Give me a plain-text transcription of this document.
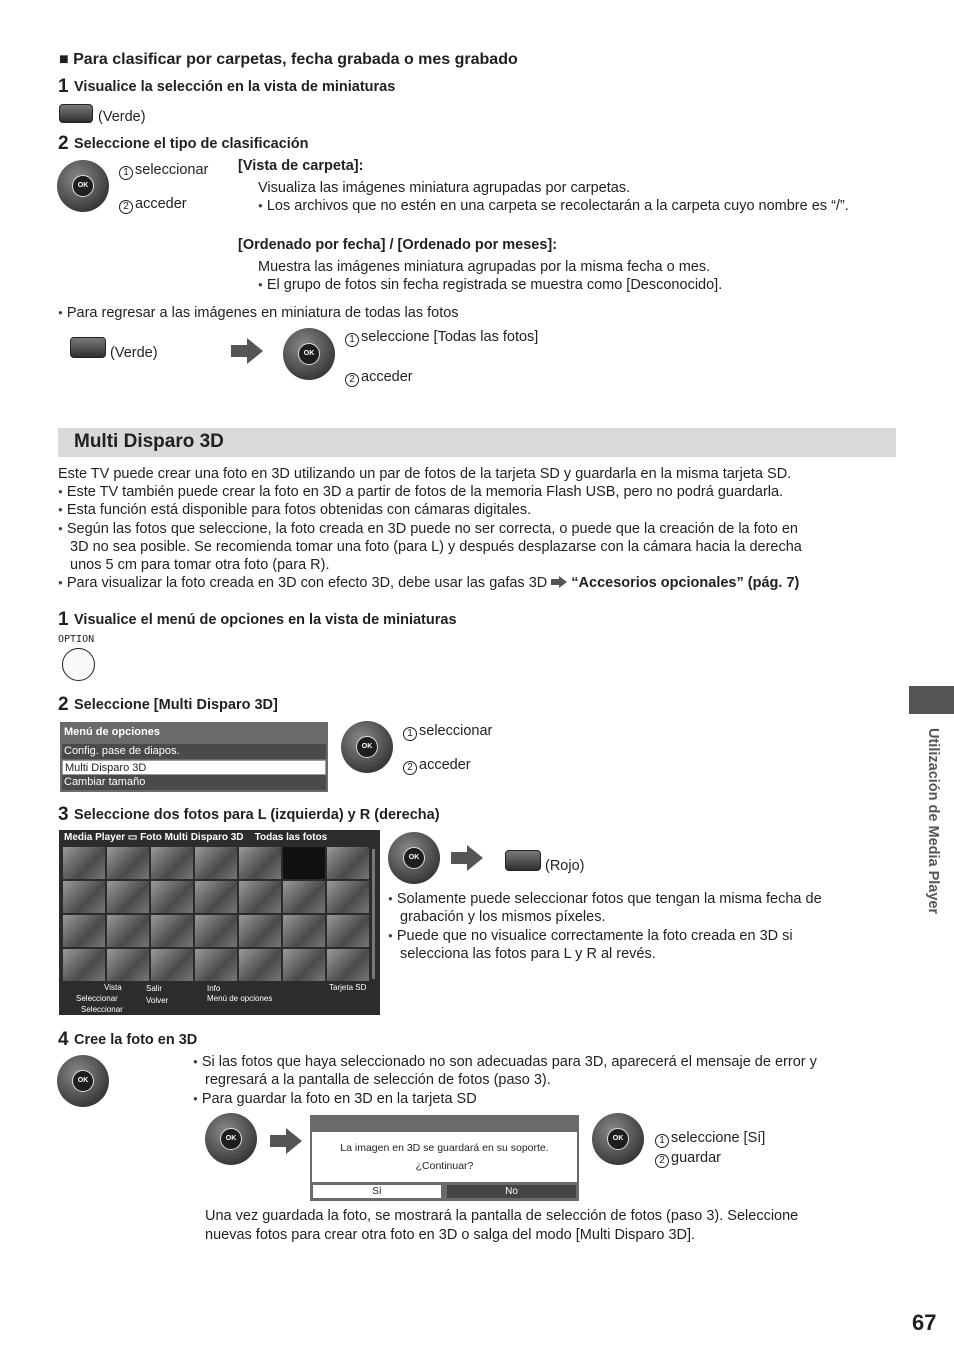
■ Para clasificar por carpetas, fecha grabada o mes grabado
1 Visualice la selección en la vista de miniaturas
(Verde)
2 Seleccione el tipo de clasificación
OK
1 seleccionar
2 acceder
[Vista de carpeta]:
Visualiza las imágenes miniatura agrupadas por carpetas.
● Los archivos que no estén en una carpeta se recolectarán a la carpeta cuyo nombre es “/”.
[Ordenado por fecha] / [Ordenado por meses]:
Muestra las imágenes miniatura agrupadas por la misma fecha o mes.
● El grupo de fotos sin fecha registrada se muestra como [Desconocido].
● Para regresar a las imágenes en miniatura de todas las fotos
(Verde)	OK
1 seleccione [Todas las fotos]
2 acceder
Multi Disparo 3D
Este TV puede crear una foto en 3D utilizando un par de fotos de la tarjeta SD y guardarla en la misma tarjeta SD.
● Este TV también puede crear la foto en 3D a partir de fotos de la memoria Flash USB, pero no podrá guardarla.
● Esta función está disponible para fotos obtenidas con cámaras digitales.
● Según las fotos que seleccione, la foto creada en 3D puede no ser correcta, o puede que la creación de la foto en
3D no sea posible. Se recomienda tomar una foto (para L) y después desplazarse con la cámara hacia la derecha
unos 5 cm para tomar otra foto (para R).
● Para visualizar la foto creada en 3D con efecto 3D, debe usar las gafas 3D “Accesorios opcionales” (pág. 7)
1 Visualice el menú de opciones en la vista de miniaturas
OPTION
2 Seleccione [Multi Disparo 3D]
Menú de opciones
Config. pase de diapos.
Multi Disparo 3D
Cambiar tamaño
OK
1 seleccionar
2 acceder
3 Seleccione dos fotos para L (izquierda) y R (derecha)
Media Player ▭ Foto Multi Disparo 3D Todas las fotos
Vista
Seleccionar
Seleccionar
Salir
Volver
Info
Menú de opciones
Tarjeta SD
OK
(Rojo)
● Solamente puede seleccionar fotos que tengan la misma fecha de
grabación y los mismos píxeles.
● Puede que no visualice correctamente la foto creada en 3D si
selecciona las fotos para L y R al revés.
4 Cree la foto en 3D
OK
● Si las fotos que haya seleccionado no son adecuadas para 3D, aparecerá el mensaje de error y
regresará a la pantalla de selección de fotos (paso 3).
● Para guardar la foto en 3D en la tarjeta SD
OK
La imagen en 3D se guardará en su soporte.
¿Continuar?
Sí	No
OK	1 seleccione [Sí]
2 guardar
Una vez guardada la foto, se mostrará la pantalla de selección de fotos (paso 3). Seleccione
nuevas fotos para crear otra foto en 3D o salga del modo [Multi Disparo 3D].
Utilización de Media Player
67
